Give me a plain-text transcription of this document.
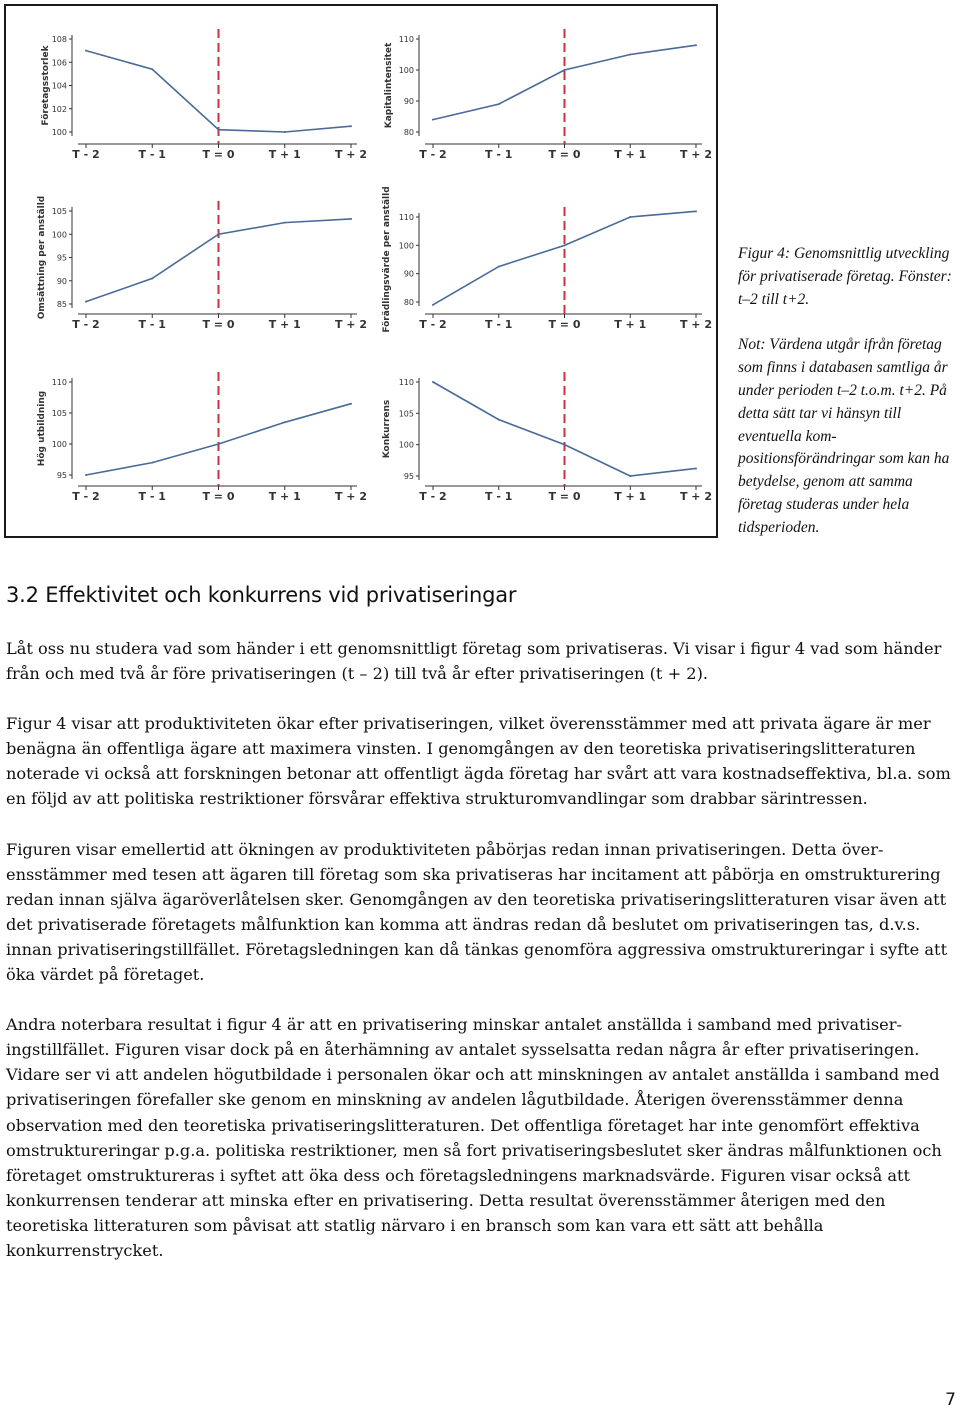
100
102
104
106
108
Företagsstorlek
T - 2	T - 1	T = 0	T + 1	T + 2
80
90
100
110
Kapitalintensitet
T - 2	T - 1	T = 0	T + 1	T + 2
85
90
95
100
105
Omsättning per anställd
T - 2	T - 1	T = 0	T + 1	T + 2
80
90
100
110
Förädlingsvärde per anställd T - 2	T - 1	T = 0	T + 1	T + 2
95
100
105
110
Hög utbildning
T - 2	T - 1	T = 0	T + 1	T + 2
95
100
105
110
Konkurrens
T - 2	T - 1	T = 0	T + 1	T + 2

Figur 4: Genomsnittlig utveckling för privatiserade företag. Fönster: t–2 till t+2.

Not: Värdena utgår ifrån företag som finns i databasen samtliga år under perioden t–2 t.o.m. t+2. På detta sätt tar vi hänsyn till eventuella kompositionsförändringar som kan ha betydelse, genom att samma företag studeras under hela tidsperioden.

3.2 Effektivitet och konkurrens vid privatiseringar

Låt oss nu studera vad som händer i ett genomsnittligt företag som privatiseras. Vi visar i figur 4 vad som händer från och med två år före privatiseringen (t – 2) till två år efter privatiseringen (t + 2).

Figur 4 visar att produktiviteten ökar efter privatiseringen, vilket överensstämmer med att privata ägare är mer benägna än offentliga ägare att maximera vinsten. I genomgången av den teoretiska privatiseringslitteraturen noterade vi också att forskningen betonar att offentligt ägda företag har svårt att vara kostnadseffektiva, bl.a. som en följd av att politiska restriktioner försvårar effektiva strukturomvandlingar som drabbar särintressen.

Figuren visar emellertid att ökningen av produktiviteten påbörjas redan innan privatiseringen. Detta överensstämmer med tesen att ägaren till företag som ska privatiseras har incitament att påbörja en omstrukturering redan innan själva ägaröverlåtelsen sker. Genomgången av den teoretiska privatiseringslitteraturen visar även att det privatiserade företagets målfunktion kan komma att ändras redan då beslutet om privatiseringen tas, d.v.s. innan privatiseringstillfället. Företagsledningen kan då tänkas genomföra aggressiva omstruktureringar i syfte att öka värdet på företaget.

Andra noterbara resultat i figur 4 är att en privatisering minskar antalet anställda i samband med privatiseringstillfället. Figuren visar dock på en återhämning av antalet sysselsatta redan några år efter privatiseringen. Vidare ser vi att andelen högutbildade i personalen ökar och att minskningen av antalet anställda i samband med privatiseringen förefaller ske genom en minskning av andelen lågutbildade. Återigen överensstämmer denna observation med den teoretiska privatiseringslitteraturen. Det offentliga företaget har inte genomfört effektiva omstruktureringar p.g.a. politiska restriktioner, men så fort privatiseringsbeslutet sker ändras målfunktionen och företaget omstruktureras i syftet att öka dess och företagsledningens marknadsvärde. Figuren visar också att konkurrensen tenderar att minska efter en privatisering. Detta resultat överensstämmer återigen med den teoretiska litteraturen som påvisat att statlig närvaro i en bransch som kan vara ett sätt att behålla konkurrenstrycket.

7
